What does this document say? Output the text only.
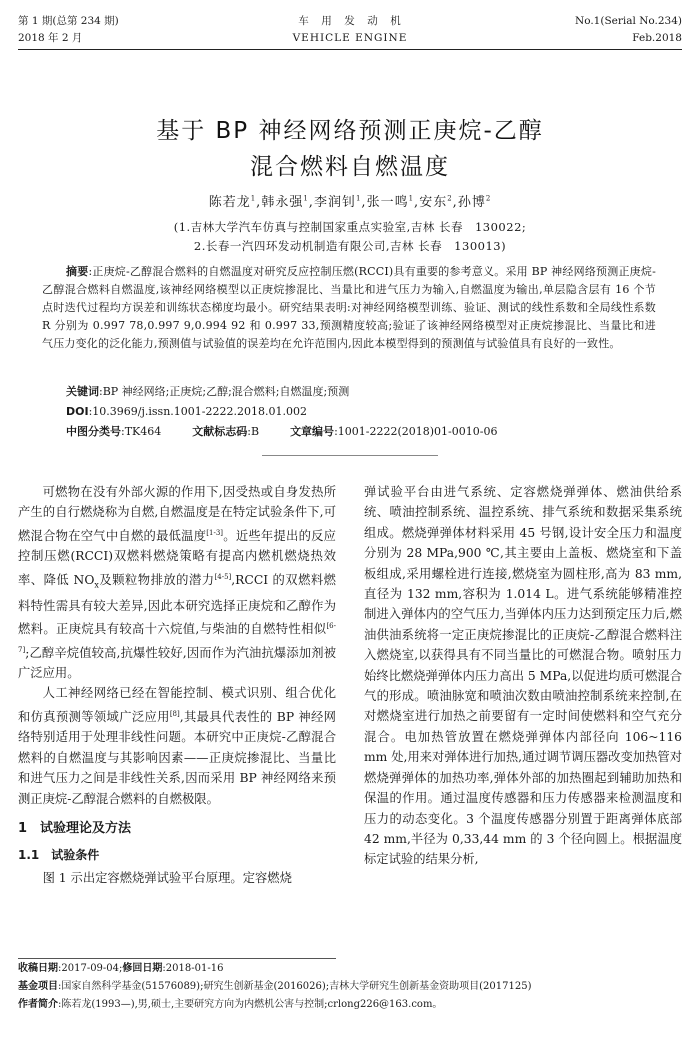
第 1 期(总第 234 期)
2018 年 2 月
车　用　发　动　机
VEHICLE ENGINE
No.1(Serial No.234)
Feb.2018
基于 BP 神经网络预测正庚烷-乙醇
混合燃料自燃温度
陈若龙$^1$,韩永强$^1$,李润钊$^1$,张一鸣$^1$,安东$^2$,孙博$^2$
(1.吉林大学汽车仿真与控制国家重点实验室,吉林 长春　130022;
2.长春一汽四环发动机制造有限公司,吉林 长春　130013)
摘要:正庚烷-乙醇混合燃料的自燃温度对研究反应控制压燃(RCCI)具有重要的参考意义。采用 BP 神经网络预测正庚烷-乙醇混合燃料自燃温度,该神经网络模型以正庚烷掺混比、当量比和进气压力为输入,自燃温度为输出,单层隐含层有 16 个节点时迭代过程均方误差和训练状态梯度均最小。研究结果表明:对神经网络模型训练、验证、测试的线性系数和全局线性系数 R 分别为 0.997 78,0.997 9,0.994 92 和 0.997 33,预测精度较高;验证了该神经网络模型对正庚烷掺混比、当量比和进气压力变化的泛化能力,预测值与试验值的误差均在允许范围内,因此本模型得到的预测值与试验值具有良好的一致性。
关键词:BP 神经网络;正庚烷;乙醇;混合燃料;自燃温度;预测
DOI:10.3969/j.issn.1001-2222.2018.01.002
中图分类号:TK464	文献标志码:B	文章编号:1001-2222(2018)01-0010-06

可燃物在没有外部火源的作用下,因受热或自身发热所产生的自行燃烧称为自燃,自燃温度是在特定试验条件下,可燃混合物在空气中自燃的最低温度[1-3]。近些年提出的反应控制压燃(RCCI)双燃料燃烧策略有提高内燃机燃烧热效率、降低 $NO_x$及颗粒物排放的潜力[4-5],RCCI 的双燃料燃料特性需具有较大差异,因此本研究选择正庚烷和乙醇作为燃料。正庚烷具有较高十六烷值,与柴油的自燃特性相似[6-7];乙醇辛烷值较高,抗爆性较好,因而作为汽油抗爆添加剂被广泛应用。

人工神经网络已经在智能控制、模式识别、组合优化和仿真预测等领域广泛应用[8],其最具代表性的 BP 神经网络特别适用于处理非线性问题。本研究中正庚烷-乙醇混合燃料的自燃温度与其影响因素——正庚烷掺混比、当量比和进气压力之间是非线性关系,因而采用 BP 神经网络来预测正庚烷-乙醇混合燃料的自燃极限。

1　试验理论及方法
1.1　试验条件

图 1 示出定容燃烧弹试验平台原理。定容燃烧

弹试验平台由进气系统、定容燃烧弹弹体、燃油供给系统、喷油控制系统、温控系统、排气系统和数据采集系统组成。燃烧弹弹体材料采用 45 号钢,设计安全压力和温度分别为 28 MPa,900 ℃,其主要由上盖板、燃烧室和下盖板组成,采用螺栓进行连接,燃烧室为圆柱形,高为 83 mm,直径为 132 mm,容积为 1.014 L。进气系统能够精准控制进入弹体内的空气压力,当弹体内压力达到预定压力后,燃油供油系统将一定正庚烷掺混比的正庚烷-乙醇混合燃料注入燃烧室,以获得具有不同当量比的可燃混合物。喷射压力始终比燃烧弹弹体内压力高出 5 MPa,以促进均质可燃混合气的形成。喷油脉宽和喷油次数由喷油控制系统来控制,在对燃烧室进行加热之前要留有一定时间使燃料和空气充分混合。电加热管放置在燃烧弹弹体内部径向 106~116 mm 处,用来对弹体进行加热,通过调节调压器改变加热管对燃烧弹弹体的加热功率,弹体外部的加热圈起到辅助加热和保温的作用。通过温度传感器和压力传感器来检测温度和压力的动态变化。3 个温度传感器分别置于距离弹体底部 42 mm,半径为 0,33,44 mm 的 3 个径向圆上。根据温度标定试验的结果分析,

收稿日期:2017-09-04;修回日期:2018-01-16
基金项目:国家自然科学基金(51576089);研究生创新基金(2016026);吉林大学研究生创新基金资助项目(2017125)
作者简介:陈若龙(1993—),男,硕士,主要研究方向为内燃机公害与控制;crlong226@163.com。
